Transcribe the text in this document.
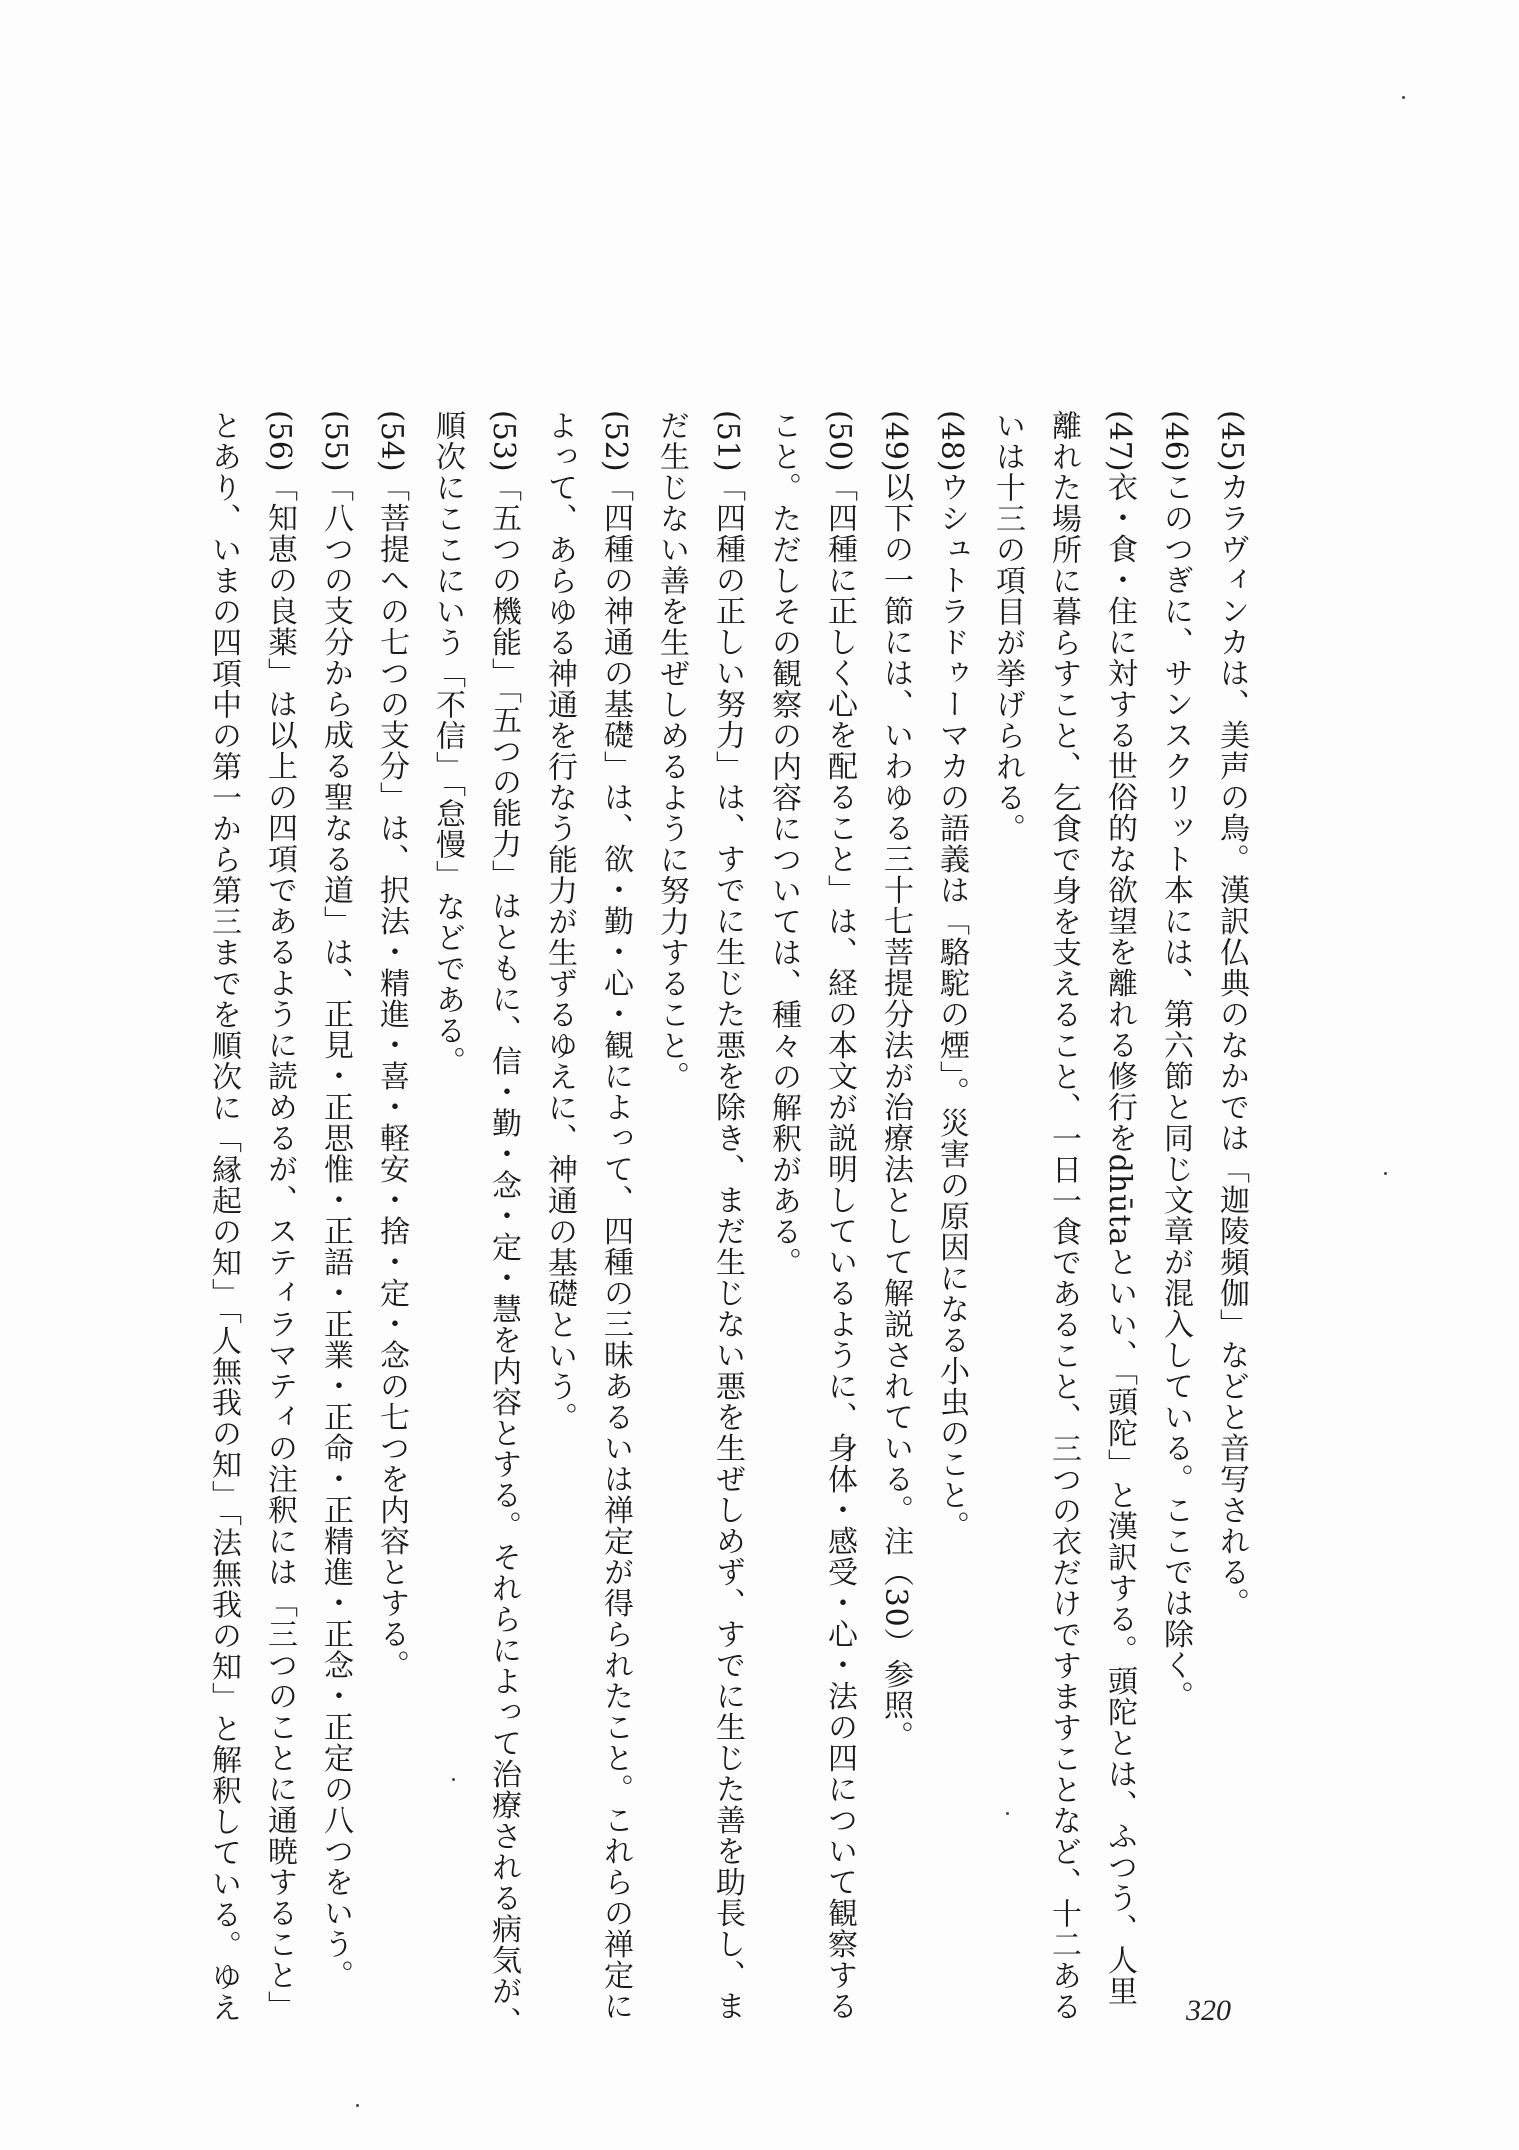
(45)カラヴィンカは、美声の鳥。漢訳仏典のなかでは「迦陵頻伽」などと音写される。
(46)このつぎに、サンスクリット本には、第六節と同じ文章が混入している。ここでは除く。
(47)衣・食・住に対する世俗的な欲望を離れる修行をdhūtaといい、「頭陀」と漢訳する。頭陀とは、ふつう、人里
離れた場所に暮らすこと、乞食で身を支えること、一日一食であること、三つの衣だけですますことなど、十二ある
いは十三の項目が挙げられる。
(48)ウシュトラドゥーマカの語義は「駱駝の煙」。災害の原因になる小虫のこと。
(49)以下の一節には、いわゆる三十七菩提分法が治療法として解説されている。注（30）参照。
(50)「四種に正しく心を配ること」は、経の本文が説明しているように、身体・感受・心・法の四について観察する
こと。ただしその観察の内容については、種々の解釈がある。
(51)「四種の正しい努力」は、すでに生じた悪を除き、まだ生じない悪を生ぜしめず、すでに生じた善を助長し、ま
だ生じない善を生ぜしめるように努力すること。
(52)「四種の神通の基礎」は、欲・勤・心・観によって、四種の三昧あるいは禅定が得られたこと。これらの禅定に
よって、あらゆる神通を行なう能力が生ずるゆえに、神通の基礎という。
(53)「五つの機能」「五つの能力」はともに、信・勤・念・定・慧を内容とする。それらによって治療される病気が、
順次にここにいう「不信」「怠慢」などである。
(54)「菩提への七つの支分」は、択法・精進・喜・軽安・捨・定・念の七つを内容とする。
(55)「八つの支分から成る聖なる道」は、正見・正思惟・正語・正業・正命・正精進・正念・正定の八つをいう。
(56)「知恵の良薬」は以上の四項であるように読めるが、スティラマティの注釈には「三つのことに通暁すること」
とあり、いまの四項中の第一から第三までを順次に「縁起の知」「人無我の知」「法無我の知」と解釈している。ゆえ	320
